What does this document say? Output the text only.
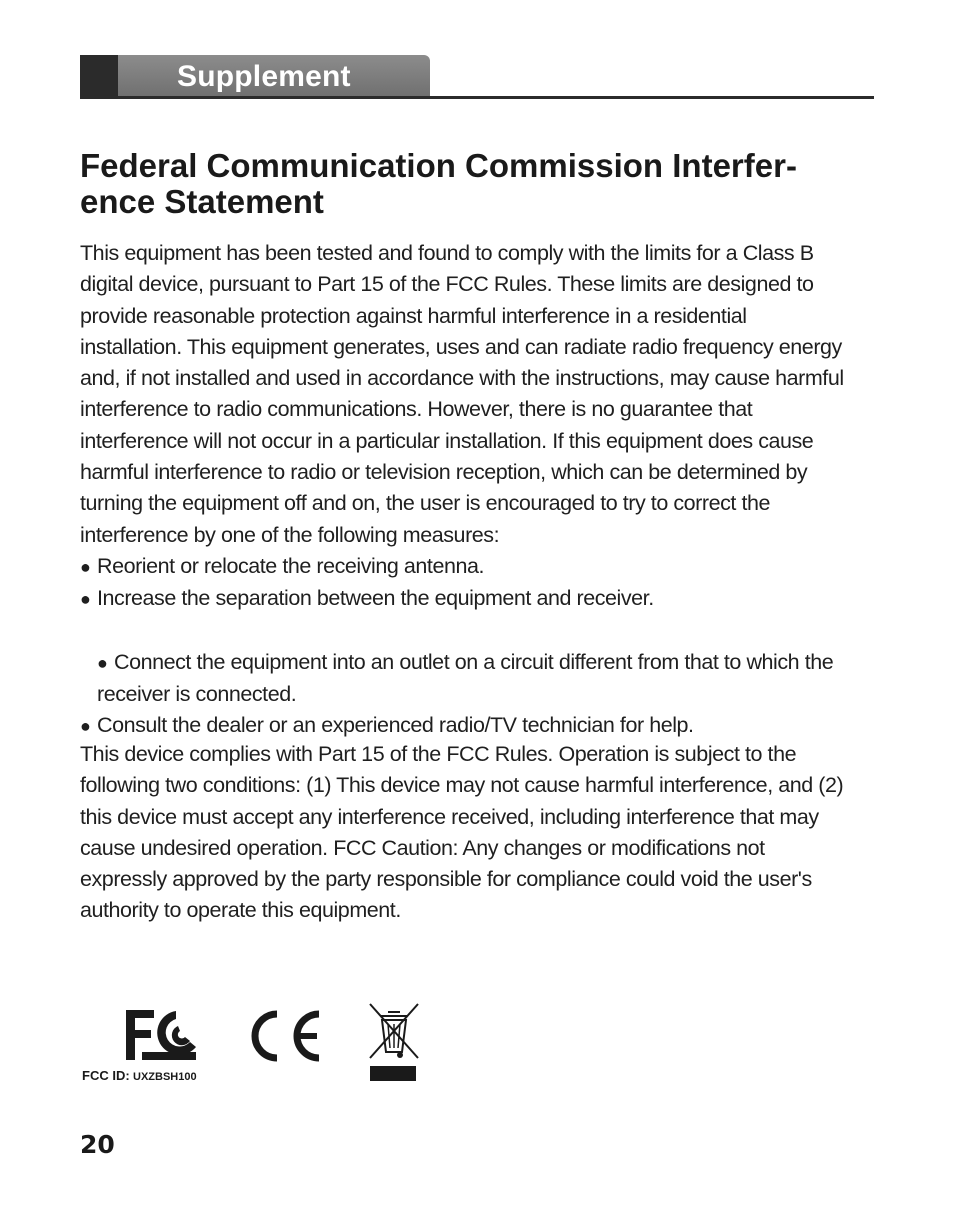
Supplement
Federal Communication Commission Interfer-
ence Statement

This equipment has been tested and found to comply with the limits for a Class B
digital device, pursuant to Part 15 of the FCC Rules. These limits are designed to
provide reasonable protection against harmful interference in a residential
installation. This equipment generates, uses and can radiate radio frequency energy
and, if not installed and used in accordance with the instructions, may cause harmful
interference to radio communications. However, there is no guarantee that
interference will not occur in a particular installation. If this equipment does cause
harmful interference to radio or television reception, which can be determined by
turning the equipment off and on, the user is encouraged to try to correct the
interference by one of the following measures:

● Reorient or relocate the receiving antenna.

● Increase the separation between the equipment and receiver.

● Connect the equipment into an outlet on a circuit different from that to which the
receiver is connected.

● Consult the dealer or an experienced radio/TV technician for help.

This device complies with Part 15 of the FCC Rules. Operation is subject to the
following two conditions: (1) This device may not cause harmful interference, and (2)
this device must accept any interference received, including interference that may
cause undesired operation. FCC Caution: Any changes or modifications not
expressly approved by the party responsible for compliance could void the user's
authority to operate this equipment.

FCC ID: UXZBSH100
20
